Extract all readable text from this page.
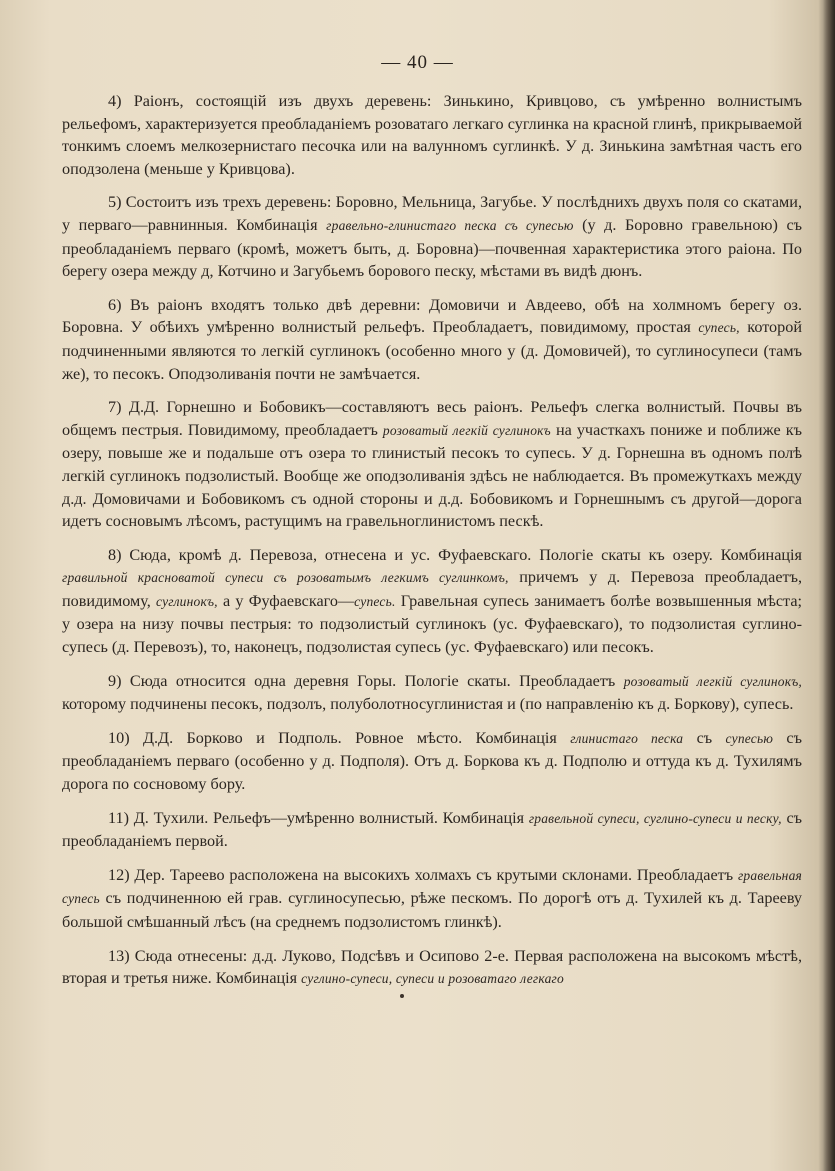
— 40 —

4) Раіонъ, состоящій изъ двухъ деревень: Зинькино, Кривцово, съ умѣренно волнистымъ рельефомъ, характеризуется преобладаніемъ розоватаго легкаго суглинка на красной глинѣ, прикрываемой тонкимъ слоемъ мелкозернистаго песочка или на валунномъ суглинкѣ. У д. Зинькина замѣтная часть его оподзолена (меньше у Кривцова).

5) Состоитъ изъ трехъ деревень: Боровно, Мельница, Загубье. У послѣднихъ двухъ поля со скатами, у перваго—равнинныя. Комбинація гравельно-глинистаго песка съ супесью (у д. Боровно гравельною) съ преобладаніемъ перваго (кромѣ, можетъ быть, д. Боровна)—почвенная характеристика этого раіона. По берегу озера между д, Котчино и Загубьемъ борового песку, мѣстами въ видѣ дюнъ.

6) Въ раіонъ входятъ только двѣ деревни: Домовичи и Авдеево, обѣ на холмномъ берегу оз. Боровна. У обѣихъ умѣренно волнистый рельефъ. Преобладаетъ, повидимому, простая супесь, которой подчиненными являются то легкій суглинокъ (особенно много у (д. Домовичей), то суглиносупеси (тамъ же), то песокъ. Оподзоливанія почти не замѣчается.

7) Д.Д. Горнешно и Бобовикъ—составляютъ весь раіонъ. Рельефъ слегка волнистый. Почвы въ общемъ пестрыя. Повидимому, преобладаетъ розоватый легкій суглинокъ на участкахъ пониже и поближе къ озеру, повыше же и подальше отъ озера то глинистый песокъ то супесь. У д. Горнешна въ одномъ полѣ легкій суглинокъ подзолистый. Вообще же оподзоливанія здѣсь не наблюдается. Въ промежуткахъ между д.д. Домовичами и Бобовикомъ съ одной стороны и д.д. Бобовикомъ и Горнешнымъ съ другой—дорога идетъ сосновымъ лѣсомъ, растущимъ на гравельноглинистомъ пескѣ.

8) Сюда, кромѣ д. Перевоза, отнесена и ус. Фуфаевскаго. Пологіе скаты къ озеру. Комбинація гравильной красноватой супеси съ розоватымъ легкимъ суглинкомъ, причемъ у д. Перевоза преобладаетъ, повидимому, суглинокъ, а у Фуфаевскаго—супесь. Гравельная супесь занимаетъ болѣе возвышенныя мѣста; у озера на низу почвы пестрыя: то подзолистый суглинокъ (ус. Фуфаевскаго), то подзолистая суглино-супесь (д. Перевозъ), то, наконецъ, подзолистая супесь (ус. Фуфаевскаго) или песокъ.

9) Сюда относится одна деревня Горы. Пологіе скаты. Преобладаетъ розоватый легкій суглинокъ, которому подчинены песокъ, подзолъ, полуболотносуглинистая и (по направленію къ д. Боркову), супесь.

10) Д.Д. Борково и Подполь. Ровное мѣсто. Комбинація глинистаго песка съ супесью съ преобладаніемъ перваго (особенно у д. Подполя). Отъ д. Боркова къ д. Подполю и оттуда къ д. Тухилямъ дорога по сосновому бору.

11) Д. Тухили. Рельефъ—умѣренно волнистый. Комбинація гравельной супеси, суглино-супеси и песку, съ преобладаніемъ первой.

12) Дер. Тареево расположена на высокихъ холмахъ съ крутыми склонами. Преобладаетъ гравельная супесь съ подчиненною ей грав. суглиносупесью, рѣже пескомъ. По дорогѣ отъ д. Тухилей къ д. Тарееву большой смѣшанный лѣсъ (на среднемъ подзолистомъ глинкѣ).

13) Сюда отнесены: д.д. Луково, Подсѣвъ и Осипово 2-е. Первая расположена на высокомъ мѣстѣ, вторая и третья ниже. Комбинація суглино-супеси, супеси и розоватаго легкаго
